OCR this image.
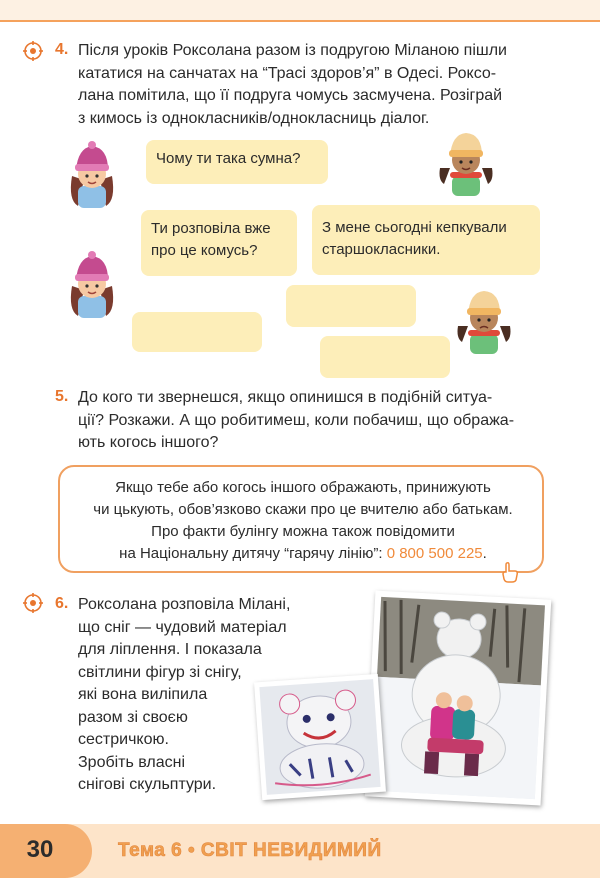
4. Після уроків Роксолана разом із подругою Міланою пішли
кататися на санчатах на “Трасі здоров’я” в Одесі. Роксо-
лана помітила, що її подруга чомусь засмучена. Розіграй
з кимось із однокласників/однокласниць діалог.
Чому ти така сумна?
Ти розповіла вже
про це комусь?
З мене сьогодні кепкували
старшокласники.
5. До кого ти звернешся, якщо опинишся в подібній ситуа-
ції? Розкажи. А що робитимеш, коли побачиш, що обража-
ють когось іншого?
Якщо тебе або когось іншого ображають, принижують
чи цькують, обов’язково скажи про це вчителю або батькам.
Про факти булінгу можна також повідомити
на Національну дитячу “гарячу лінію”: 0 800 500 225.
6. Роксолана розповіла Мілані,
що сніг — чудовий матеріал
для ліплення. І показала
світлини фігур зі снігу,
які вона виліпила
разом зі своєю
сестричкою.
Зробіть власні
снігові скульптури.
30	Тема 6 • СВІТ НЕВИДИМИЙ
